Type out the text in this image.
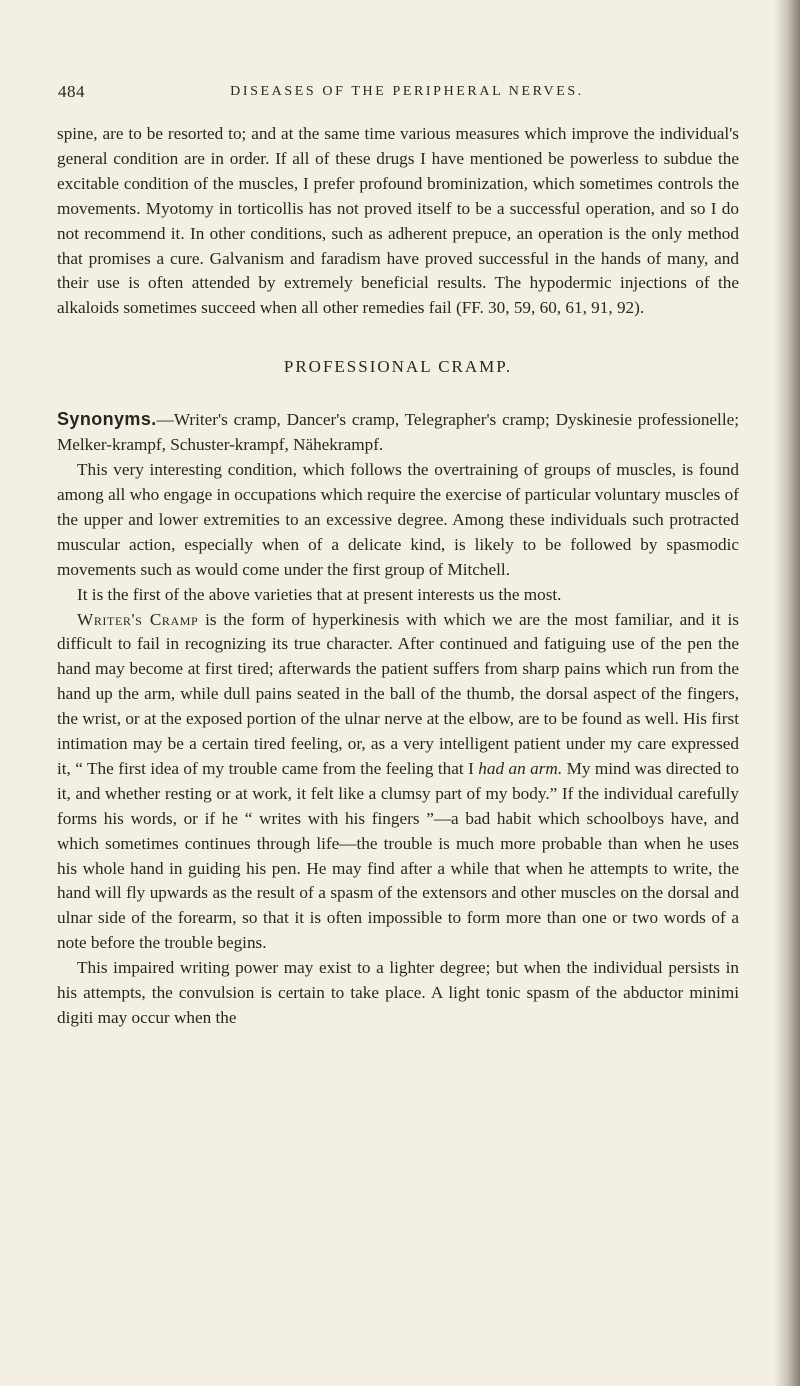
484	DISEASES OF THE PERIPHERAL NERVES.

spine, are to be resorted to; and at the same time various measures which improve the individual's general condition are in order. If all of these drugs I have mentioned be powerless to subdue the excitable condition of the muscles, I prefer profound brominization, which sometimes controls the movements. Myotomy in torticollis has not proved itself to be a successful operation, and so I do not recommend it. In other conditions, such as adherent prepuce, an operation is the only method that promises a cure. Galvanism and faradism have proved successful in the hands of many, and their use is often attended by extremely beneficial results. The hypodermic injections of the alkaloids sometimes succeed when all other remedies fail (FF. 30, 59, 60, 61, 91, 92).

PROFESSIONAL CRAMP.

Synonyms.—Writer's cramp, Dancer's cramp, Telegrapher's cramp; Dyskinesie professionelle; Melker-krampf, Schuster-krampf, Nähekrampf.

This very interesting condition, which follows the overtraining of groups of muscles, is found among all who engage in occupations which require the exercise of particular voluntary muscles of the upper and lower extremities to an excessive degree. Among these individuals such protracted muscular action, especially when of a delicate kind, is likely to be followed by spasmodic movements such as would come under the first group of Mitchell.

It is the first of the above varieties that at present interests us the most.

Writer's Cramp is the form of hyperkinesis with which we are the most familiar, and it is difficult to fail in recognizing its true character. After continued and fatiguing use of the pen the hand may become at first tired; afterwards the patient suffers from sharp pains which run from the hand up the arm, while dull pains seated in the ball of the thumb, the dorsal aspect of the fingers, the wrist, or at the exposed portion of the ulnar nerve at the elbow, are to be found as well. His first intimation may be a certain tired feeling, or, as a very intelligent patient under my care expressed it, “ The first idea of my trouble came from the feeling that I had an arm. My mind was directed to it, and whether resting or at work, it felt like a clumsy part of my body.” If the individual carefully forms his words, or if he “ writes with his fingers ”—a bad habit which schoolboys have, and which sometimes continues through life—the trouble is much more probable than when he uses his whole hand in guiding his pen. He may find after a while that when he attempts to write, the hand will fly upwards as the result of a spasm of the extensors and other muscles on the dorsal and ulnar side of the forearm, so that it is often impossible to form more than one or two words of a note before the trouble begins.

This impaired writing power may exist to a lighter degree; but when the individual persists in his attempts, the convulsion is certain to take place. A light tonic spasm of the abductor minimi digiti may occur when the
